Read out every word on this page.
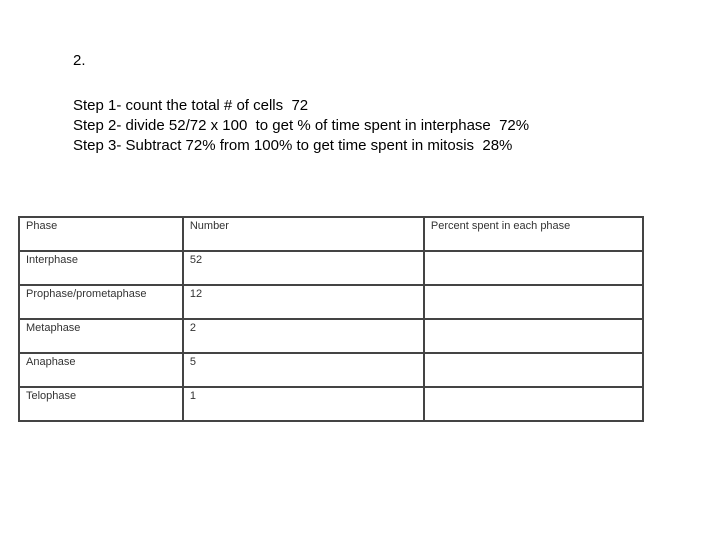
2.
Step 1- count the total # of cells  72
Step 2- divide 52/72 x 100  to get % of time spent in interphase  72%
Step 3- Subtract 72% from 100% to get time spent in mitosis  28%
Phase	Number	Percent spent in each phase
Interphase	52	
Prophase/prometaphase	12	
Metaphase	2	
Anaphase	5	
Telophase	1	
